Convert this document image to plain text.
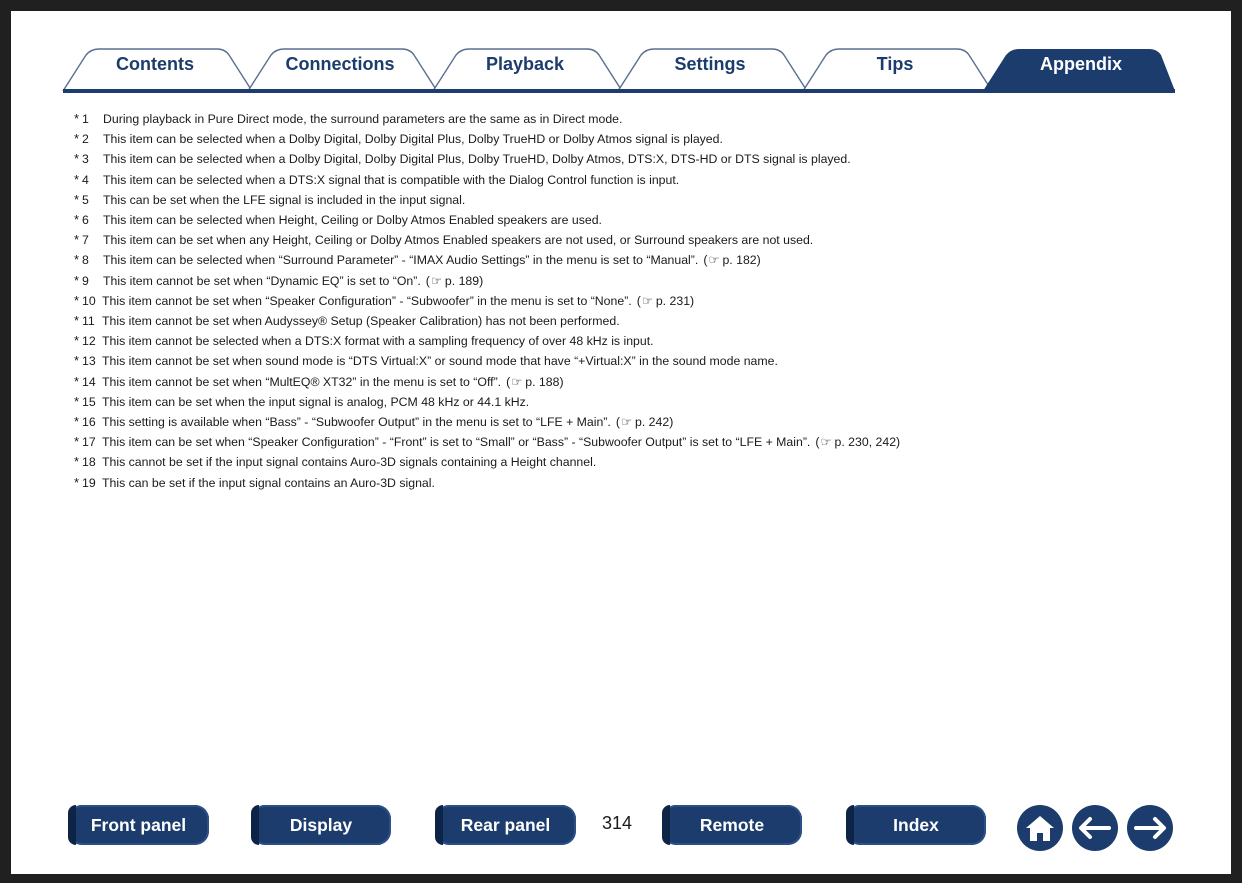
Contents	Connections	Playback	Settings	Tips	Appendix
* 1	During playback in Pure Direct mode, the surround parameters are the same as in Direct mode.
* 2	This item can be selected when a Dolby Digital, Dolby Digital Plus, Dolby TrueHD or Dolby Atmos signal is played.
* 3	This item can be selected when a Dolby Digital, Dolby Digital Plus, Dolby TrueHD, Dolby Atmos, DTS:X, DTS-HD or DTS signal is played.
* 4	This item can be selected when a DTS:X signal that is compatible with the Dialog Control function is input.
* 5	This can be set when the LFE signal is included in the input signal.
* 6	This item can be selected when Height, Ceiling or Dolby Atmos Enabled speakers are used.
* 7	This item can be set when any Height, Ceiling or Dolby Atmos Enabled speakers are not used, or Surround speakers are not used.
* 8	This item can be selected when “Surround Parameter” - “IMAX Audio Settings” in the menu is set to “Manual”. (☞ p. 182)
* 9	This item cannot be set when “Dynamic EQ” is set to “On”. (☞ p. 189)
* 10 This item cannot be set when “Speaker Configuration” - “Subwoofer” in the menu is set to “None”. (☞ p. 231)
* 11 This item cannot be set when Audyssey® Setup (Speaker Calibration) has not been performed.
* 12 This item cannot be selected when a DTS:X format with a sampling frequency of over 48 kHz is input.
* 13 This item cannot be set when sound mode is “DTS Virtual:X” or sound mode that have “+Virtual:X” in the sound mode name.
* 14 This item cannot be set when “MultEQ® XT32” in the menu is set to “Off”. (☞ p. 188)
* 15 This item can be set when the input signal is analog, PCM 48 kHz or 44.1 kHz.
* 16 This setting is available when “Bass” - “Subwoofer Output” in the menu is set to “LFE + Main”. (☞ p. 242)
* 17 This item can be set when “Speaker Configuration” - “Front” is set to “Small” or “Bass” - “Subwoofer Output” is set to “LFE + Main”. (☞ p. 230, 242)
* 18 This cannot be set if the input signal contains Auro-3D signals containing a Height channel.
* 19 This can be set if the input signal contains an Auro-3D signal.
Front panel	Display	Rear panel	314	Remote	Index
